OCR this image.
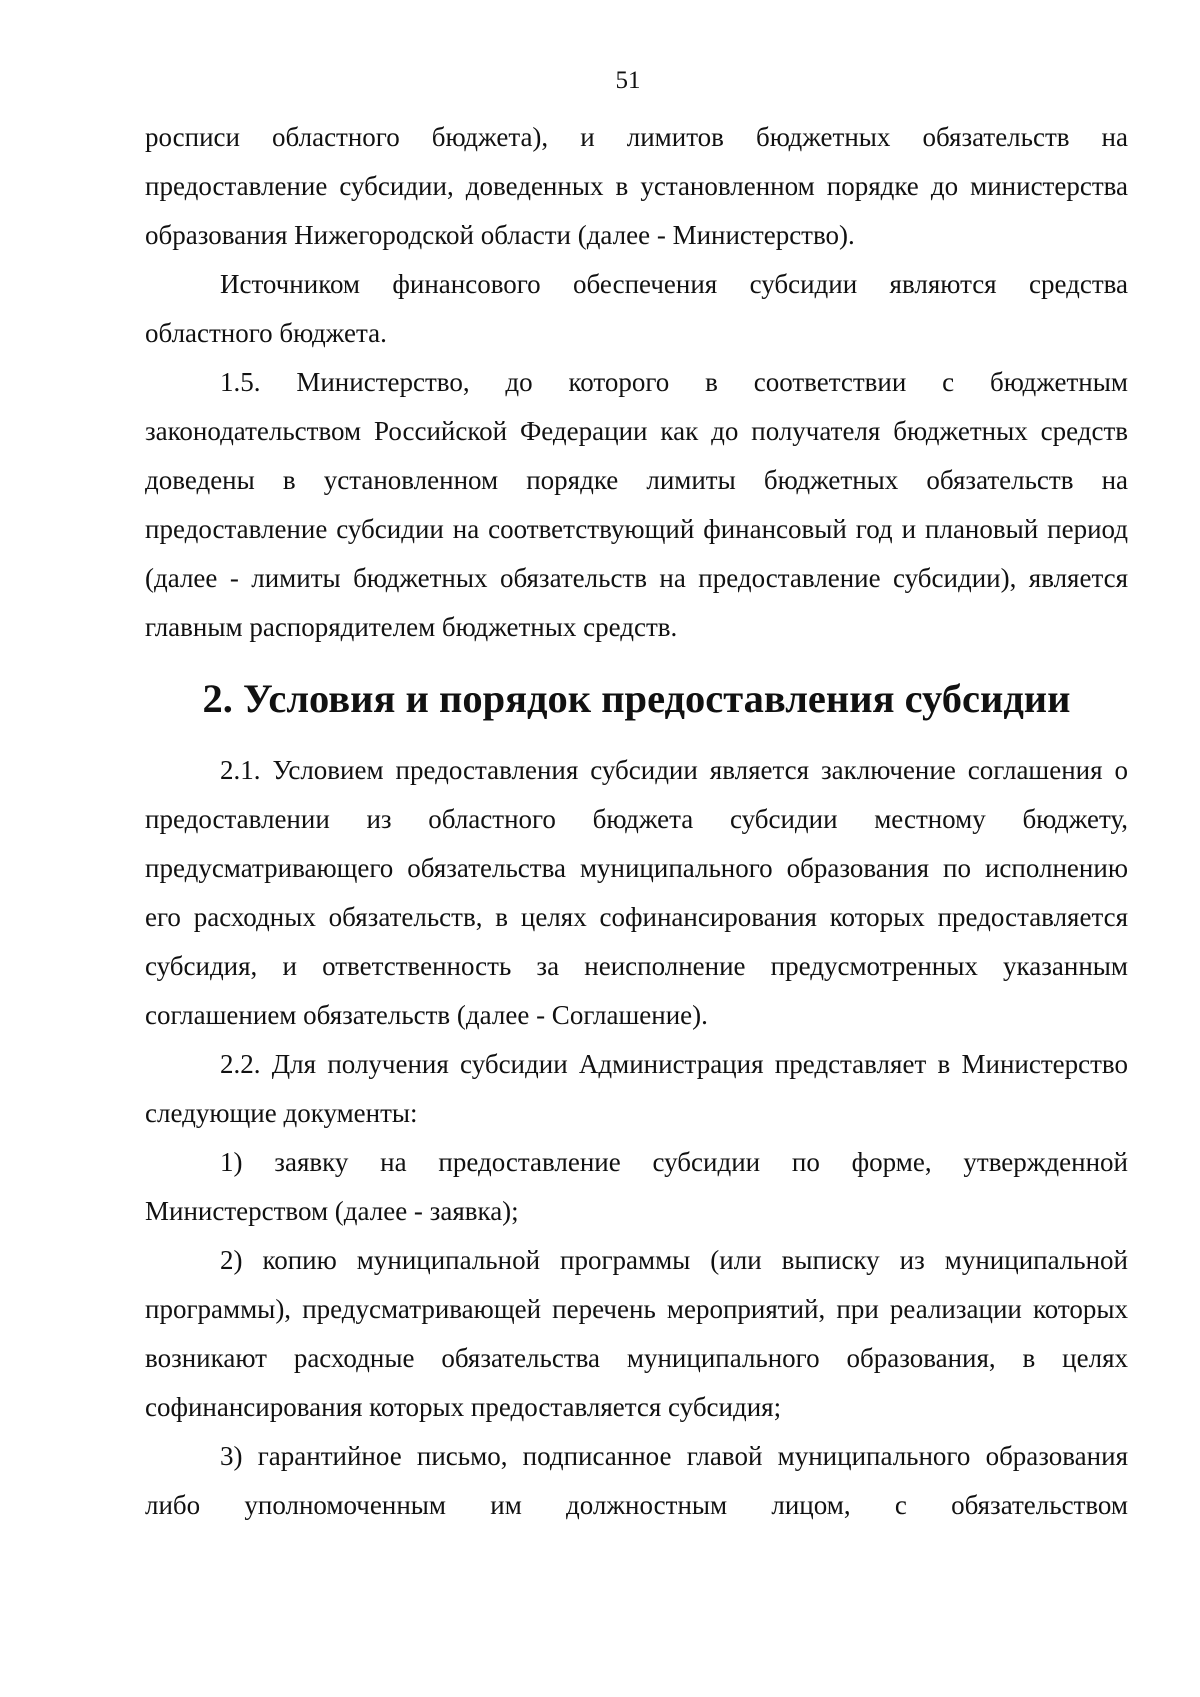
51

росписи областного бюджета), и лимитов бюджетных обязательств на предоставление субсидии, доведенных в установленном порядке до министерства образования Нижегородской области (далее - Министерство).

Источником финансового обеспечения субсидии являются средства областного бюджета.

1.5. Министерство, до которого в соответствии с бюджетным законодательством Российской Федерации как до получателя бюджетных средств доведены в установленном порядке лимиты бюджетных обязательств на предоставление субсидии на соответствующий финансовый год и плановый период (далее - лимиты бюджетных обязательств на предоставление субсидии), является главным распорядителем бюджетных средств.

2. Условия и порядок предоставления субсидии

2.1. Условием предоставления субсидии является заключение соглашения о предоставлении из областного бюджета субсидии местному бюджету, предусматривающего обязательства муниципального образования по исполнению его расходных обязательств, в целях софинансирования которых предоставляется субсидия, и ответственность за неисполнение предусмотренных указанным соглашением обязательств (далее - Соглашение).

2.2. Для получения субсидии Администрация представляет в Министерство следующие документы:

1) заявку на предоставление субсидии по форме, утвержденной Министерством (далее - заявка);

2) копию муниципальной программы (или выписку из муниципальной программы), предусматривающей перечень мероприятий, при реализации которых возникают расходные обязательства муниципального образования, в целях софинансирования которых предоставляется субсидия;

3) гарантийное письмо, подписанное главой муниципального образования либо уполномоченным им должностным лицом, с обязательством
